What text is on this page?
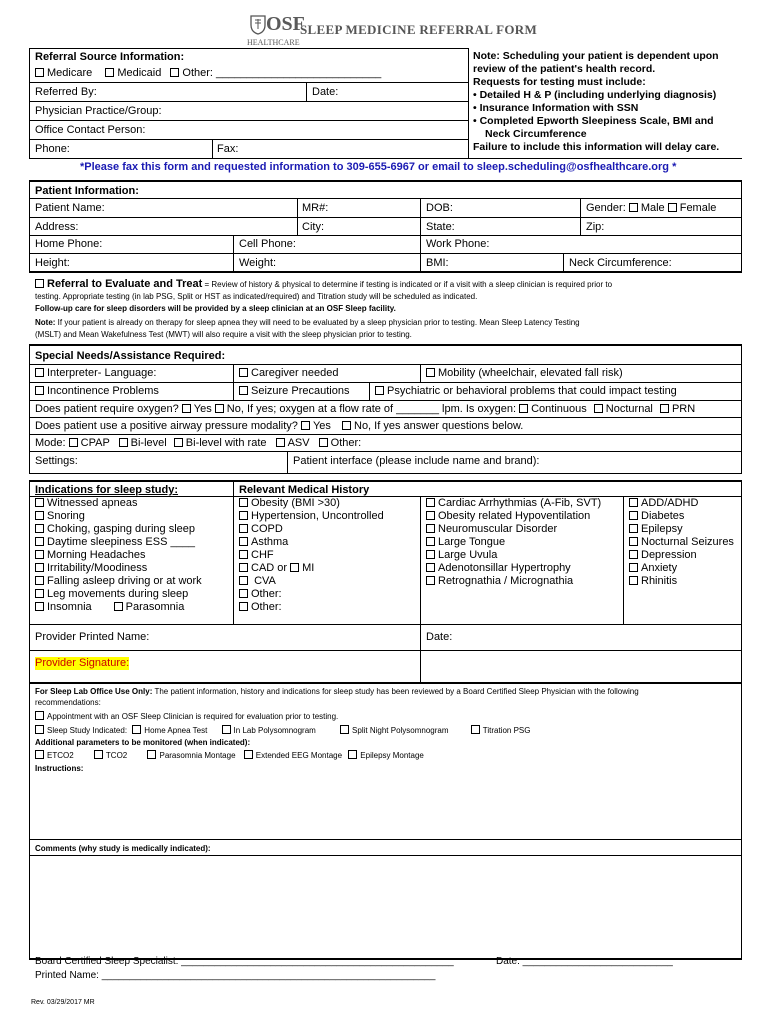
OSF
HEALTHCARE
SLEEP MEDICINE REFERRAL FORM
Referral Source Information:
Medicare Medicaid Other: ___________________________
Referred By:	Date:
Physician Practice/Group:
Office Contact Person:
Phone:	Fax:
Note: Scheduling your patient is dependent upon
review of the patient's health record.
Requests for testing must include:
• Detailed H & P (including underlying diagnosis)
• Insurance Information with SSN
• Completed Epworth Sleepiness Scale, BMI and
Neck Circumference
Failure to include this information will delay care.
*Please fax this form and requested information to 309-655-6967 or email to sleep.scheduling@osfhealthcare.org *
Patient Information:
Patient Name:	MR#:	DOB:	Gender: Male Female
Address:	City:	State:	Zip:
Home Phone:	Cell Phone:	Work Phone:
Height:	Weight:	BMI:	Neck Circumference:
Referral to Evaluate and Treat = Review of history & physical to determine if testing is indicated or if a visit with a sleep clinician is required prior to
testing. Appropriate testing (in lab PSG, Split or HST as indicated/required) and Titration study will be scheduled as indicated.
Follow-up care for sleep disorders will be provided by a sleep clinician at an OSF Sleep facility.
Note: If your patient is already on therapy for sleep apnea they will need to be evaluated by a sleep physician prior to testing. Mean Sleep Latency Testing
(MSLT) and Mean Wakefulness Test (MWT) will also require a visit with the sleep physician prior to testing.
Special Needs/Assistance Required:
Interpreter- Language:	Caregiver needed	Mobility (wheelchair, elevated fall risk)
Incontinence Problems	Seizure Precautions	Psychiatric or behavioral problems that could impact testing
Does patient require oxygen? Yes No, If yes; oxygen at a flow rate of _______ lpm. Is oxygen: Continuous Nocturnal PRN
Does patient use a positive airway pressure modality? Yes No, If yes answer questions below.
Mode: CPAP Bi-level Bi-level with rate ASV Other:
Settings:	Patient interface (please include name and brand):
Indications for sleep study:	Relevant Medical History
Witnessed apneas
Snoring
Choking, gasping during sleep
Daytime sleepiness ESS ____
Morning Headaches
Irritability/Moodiness
Falling asleep driving or at work
Leg movements during sleep
Insomnia	Parasomnia
Obesity (BMI >30)
Hypertension, Uncontrolled
COPD
Asthma
CHF
CAD or MI
CVA
Other:
Other:
Cardiac Arrhythmias (A-Fib, SVT)
Obesity related Hypoventilation
Neuromuscular Disorder
Large Tongue
Large Uvula
Adenotonsillar Hypertrophy
Retrognathia / Micrognathia
ADD/ADHD
Diabetes
Epilepsy
Nocturnal Seizures
Depression
Anxiety
Rhinitis
Provider Printed Name:	Date:
Provider Signature:
For Sleep Lab Office Use Only: The patient information, history and indications for sleep study has been reviewed by a Board Certified Sleep Physician with the following
recommendations:
Appointment with an OSF Sleep Clinician is required for evaluation prior to testing.
Sleep Study Indicated: Home Apnea Test	In Lab Polysomnogram	Split Night Polysomnogram	Titration PSG
Additional parameters to be monitored (when indicated):
ETCO2	TCO2	Parasomnia Montage	Extended EEG Montage Epilepsy Montage
Instructions:
Comments (why study is medically indicated):
Board Certified Sleep Specialist: _________________________________________________	Date: ___________________________
Printed Name: ____________________________________________________________
Rev. 03/29/2017 MR
